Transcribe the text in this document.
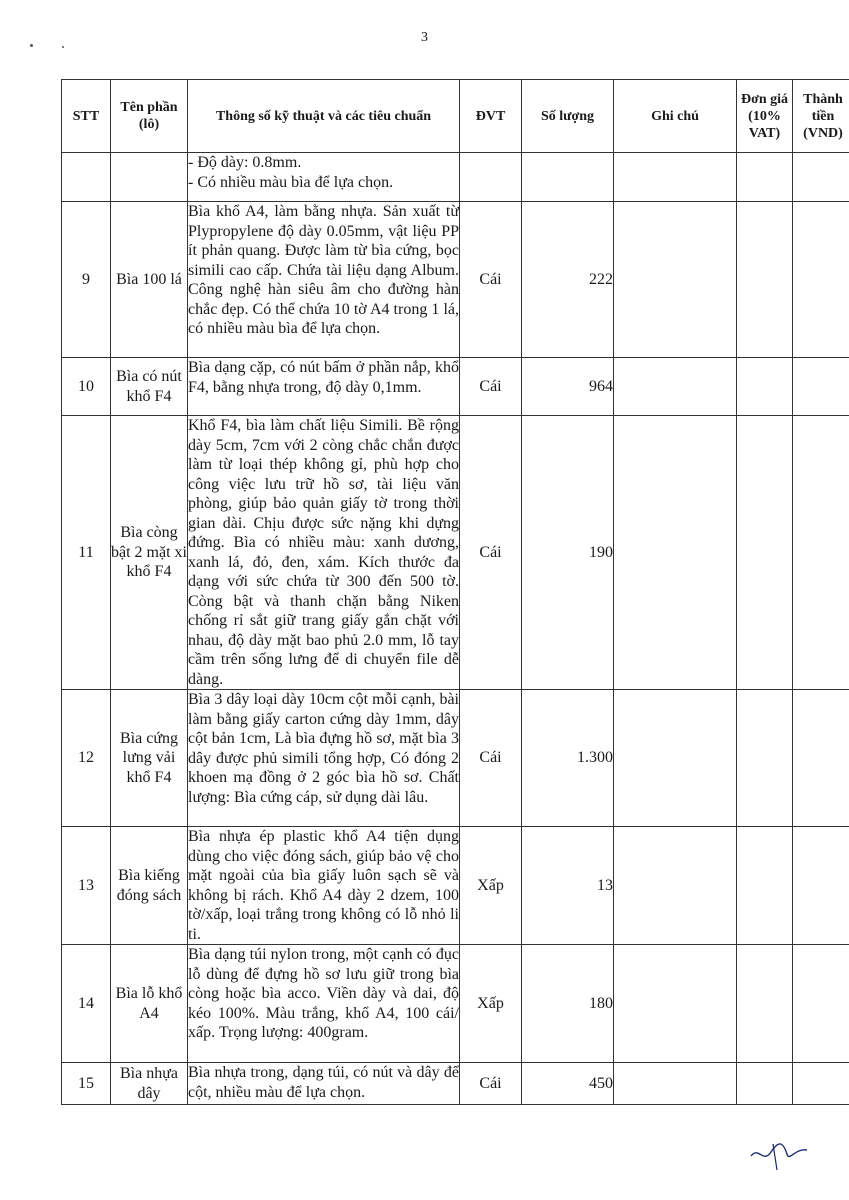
3
STT	Tên phần (lô)	Thông số kỹ thuật và các tiêu chuẩn	ĐVT	Số lượng	Ghi chú	Đơn giá (10% VAT)	Thành tiền (VND)

		- Độ dày: 0.8mm.
- Có nhiều màu bìa để lựa chọn.					

9	Bìa 100 lá	Bìa khổ A4, làm bằng nhựa. Sản xuất từ Plypropylene độ dày 0.05mm, vật liệu PP ít phản quang. Được làm từ bìa cứng, bọc simili cao cấp. Chứa tài liệu dạng Album. Công nghệ hàn siêu âm cho đường hàn chắc đẹp. Có thể chứa 10 tờ A4 trong 1 lá, có nhiều màu bìa để lựa chọn.	Cái	222			
10	Bìa có nút khổ F4	Bìa dạng cặp, có nút bấm ở phần nắp, khổ F4, bằng nhựa trong, độ dày 0,1mm.	Cái	964			
11	Bìa còng bật 2 mặt xi khổ F4	Khổ F4, bìa làm chất liệu Simili. Bề rộng dày 5cm, 7cm với 2 còng chắc chắn được làm từ loại thép không gỉ, phù hợp cho công việc lưu trữ hồ sơ, tài liệu văn phòng, giúp bảo quản giấy tờ trong thời gian dài. Chịu được sức nặng khi dựng đứng. Bìa có nhiều màu: xanh dương, xanh lá, đỏ, đen, xám. Kích thước đa dạng với sức chứa từ 300 đến 500 tờ. Còng bật và thanh chặn bằng Niken chống rỉ sắt giữ trang giấy gắn chặt với nhau, độ dày mặt bao phủ 2.0 mm, lỗ tay cầm trên sống lưng để di chuyển file dễ dàng.	Cái	190			
12	Bìa cứng lưng vải khổ F4	Bìa 3 dây loại dày 10cm cột mỗi cạnh, bài làm bằng giấy carton cứng dày 1mm, dây cột bản 1cm, Là bìa đựng hồ sơ, mặt bìa 3 dây được phủ simili tổng hợp, Có đóng 2 khoen mạ đồng ở 2 góc bìa hồ sơ. Chất lượng: Bìa cứng cáp, sử dụng dài lâu.	Cái	1.300			
13	Bìa kiếng đóng sách	Bìa nhựa ép plastic khổ A4 tiện dụng dùng cho việc đóng sách, giúp bảo vệ cho mặt ngoài của bìa giấy luôn sạch sẽ và không bị rách. Khổ A4 dày 2 dzem, 100 tờ/xấp, loại trắng trong không có lỗ nhỏ li ti.	Xấp	13			
14	Bìa lỗ khổ A4	Bìa dạng túi nylon trong, một cạnh có đục lỗ dùng để đựng hồ sơ lưu giữ trong bìa còng hoặc bìa acco. Viền dày và dai, độ kéo 100%. Màu trắng, khổ A4, 100 cái/ xấp. Trọng lượng: 400gram.	Xấp	180			
15	Bìa nhựa dây	Bìa nhựa trong, dạng túi, có nút và dây để cột, nhiều màu để lựa chọn.	Cái	450			
